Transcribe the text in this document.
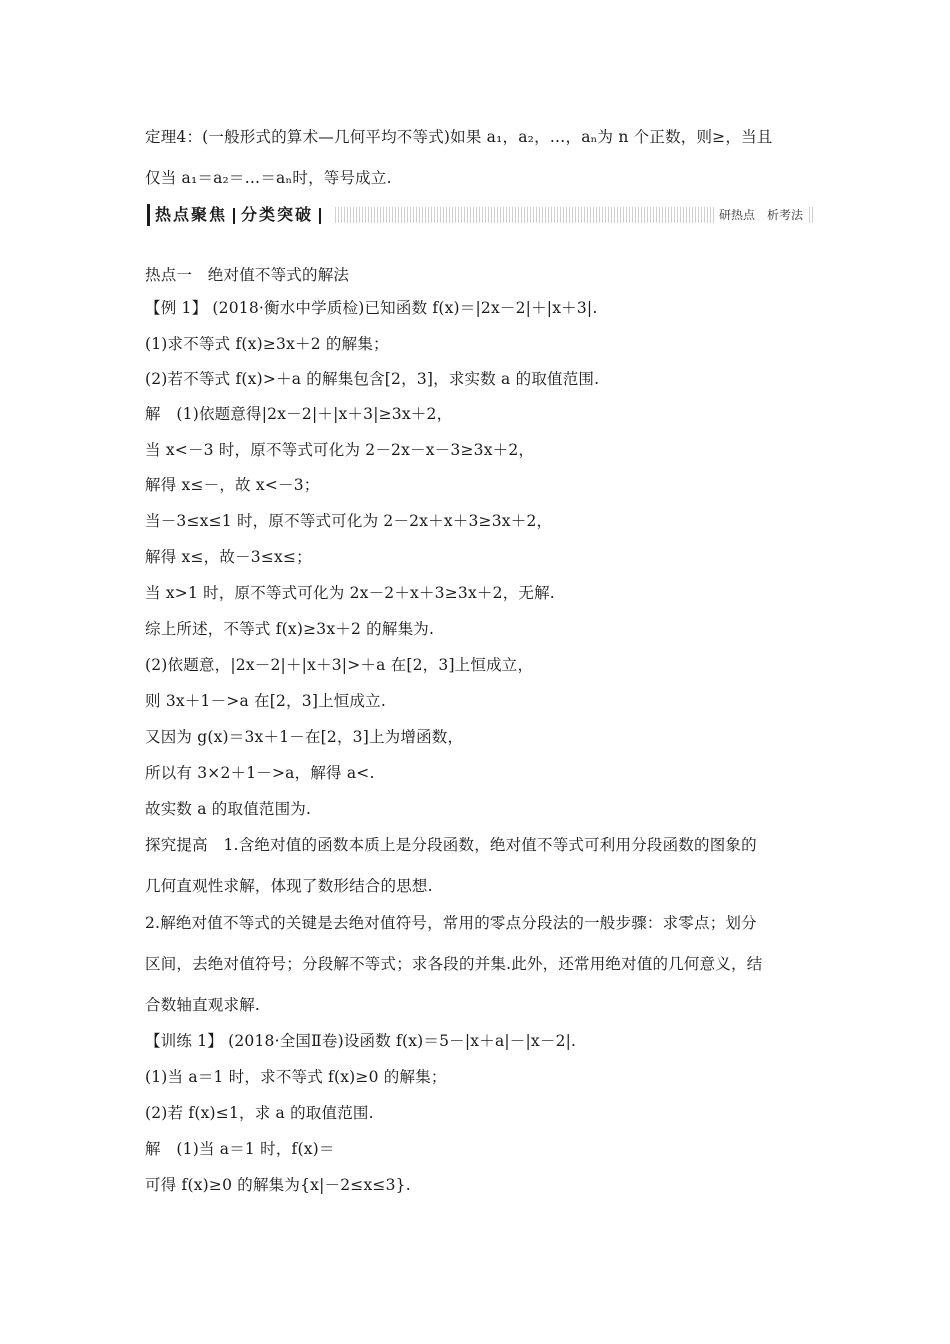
定理4：(一般形式的算术—几何平均不等式)如果 a₁，a₂，…，aₙ为 n 个正数，则≥，当且
仅当 a₁＝a₂＝…＝aₙ时，等号成立.
热点聚焦 分类突破	研热点　析考法
热点一　绝对值不等式的解法
【例 1】 (2018·衡水中学质检)已知函数 f(x)＝|2x－2|＋|x＋3|.
(1)求不等式 f(x)≥3x＋2 的解集；
(2)若不等式 f(x)>＋a 的解集包含[2，3]，求实数 a 的取值范围.
解　(1)依题意得|2x－2|＋|x＋3|≥3x＋2，
当 x<－3 时，原不等式可化为 2－2x－x－3≥3x＋2，
解得 x≤－，故 x<－3；
当－3≤x≤1 时，原不等式可化为 2－2x＋x＋3≥3x＋2，
解得 x≤，故－3≤x≤；
当 x>1 时，原不等式可化为 2x－2＋x＋3≥3x＋2，无解.
综上所述，不等式 f(x)≥3x＋2 的解集为.
(2)依题意，|2x－2|＋|x＋3|>＋a 在[2，3]上恒成立，
则 3x＋1－>a 在[2，3]上恒成立.
又因为 g(x)＝3x＋1－在[2，3]上为增函数，
所以有 3×2＋1－>a，解得 a<.
故实数 a 的取值范围为.
探究提高　1.含绝对值的函数本质上是分段函数，绝对值不等式可利用分段函数的图象的
几何直观性求解，体现了数形结合的思想.
2.解绝对值不等式的关键是去绝对值符号，常用的零点分段法的一般步骤：求零点；划分
区间，去绝对值符号；分段解不等式；求各段的并集.此外，还常用绝对值的几何意义，结
合数轴直观求解.
【训练 1】 (2018·全国Ⅱ卷)设函数 f(x)＝5－|x＋a|－|x－2|.
(1)当 a＝1 时，求不等式 f(x)≥0 的解集；
(2)若 f(x)≤1，求 a 的取值范围.
解　(1)当 a＝1 时，f(x)＝
可得 f(x)≥0 的解集为{x|－2≤x≤3}.
